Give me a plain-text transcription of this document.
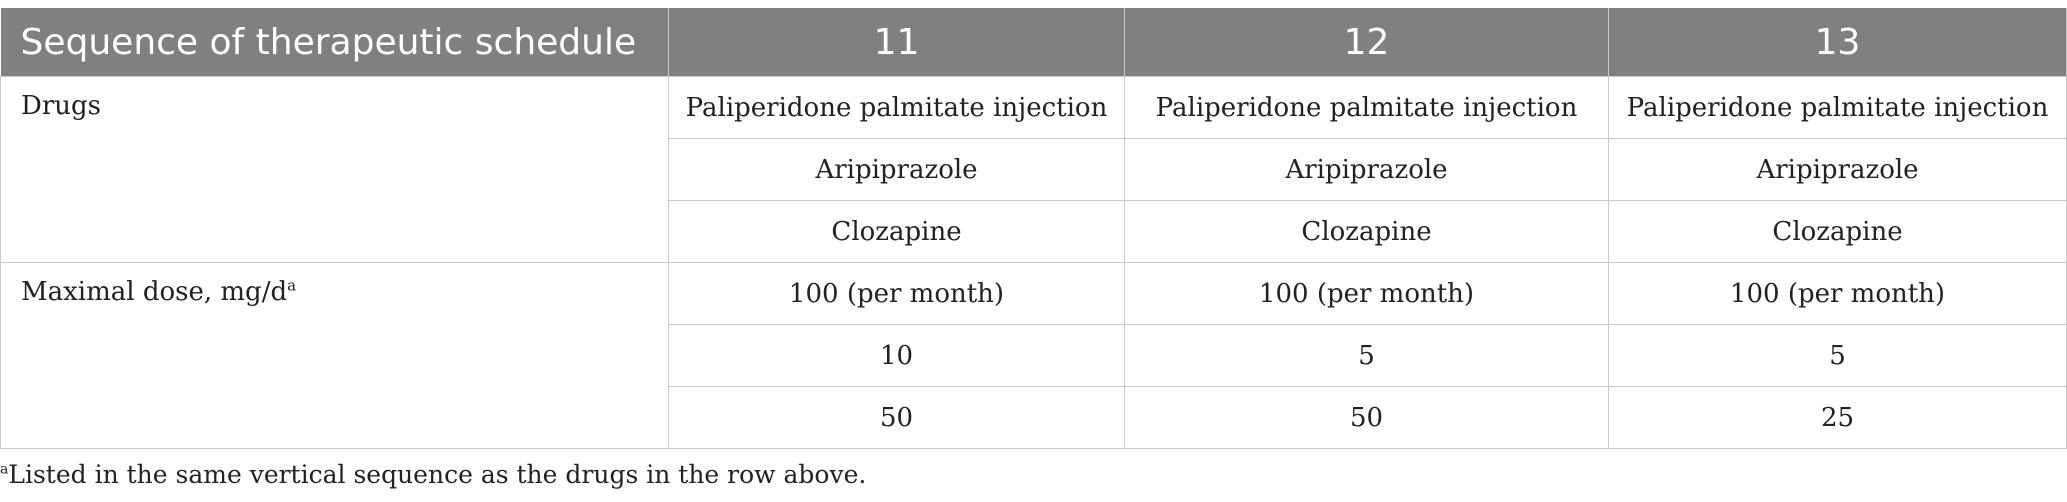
Sequence of therapeutic schedule	11	12	13
Drugs	Paliperidone palmitate injection	Paliperidone palmitate injection	Paliperidone palmitate injection
	Aripiprazole	Aripiprazole	Aripiprazole
	Clozapine	Clozapine	Clozapine
Maximal dose, $mg/d^a$	100 (per month)	100 (per month)	100 (per month)
	10	5	5
	50	50	25
$^a$Listed in the same vertical sequence as the drugs in the row above.
